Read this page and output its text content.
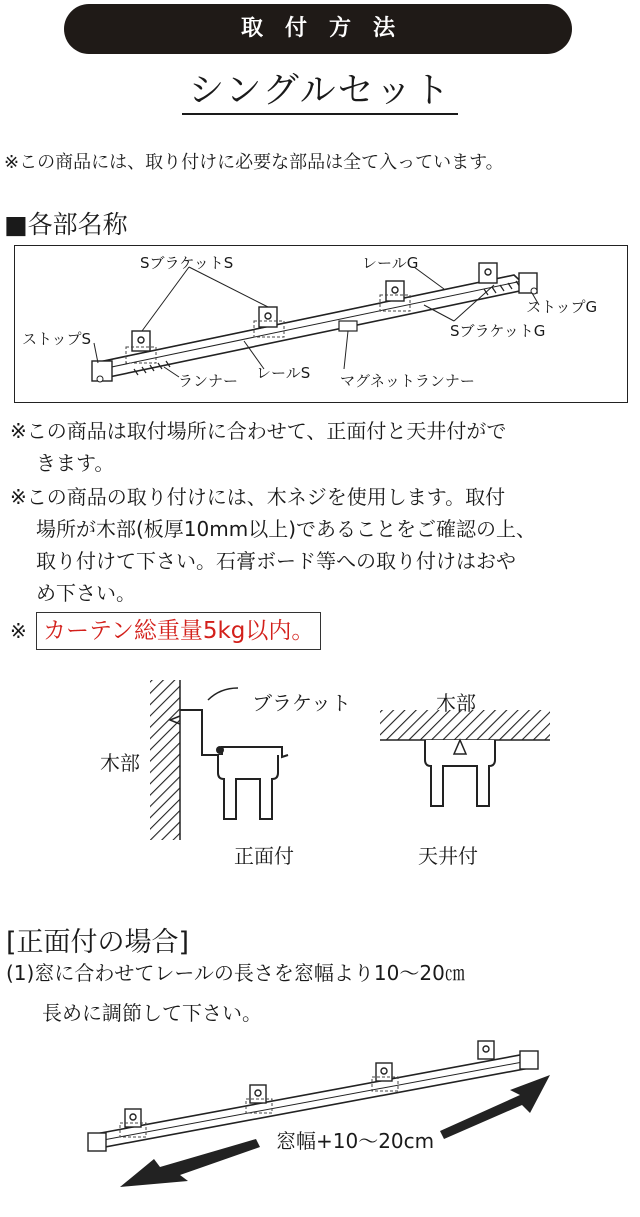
取付方法
シングルセット
※この商品には、取り付けに必要な部品は全て入っています。
■各部名称
SブラケットS	レールG
ストップG
SブラケットG
ストップS
ランナー レールS マグネットランナー
※この商品は取付場所に合わせて、正面付と天井付がで
きます。
※この商品の取り付けには、木ネジを使用します。取付
場所が木部(板厚10mm以上)であることをご確認の上、
取り付けて下さい。石膏ボード等への取り付けはおや
め下さい。
※ カーテン総重量5kg以内。
ブラケット
木部
木部
正面付	天井付
[正面付の場合]
(1)窓に合わせてレールの長さを窓幅より10〜20㎝
長めに調節して下さい。
窓幅+10〜20cm
